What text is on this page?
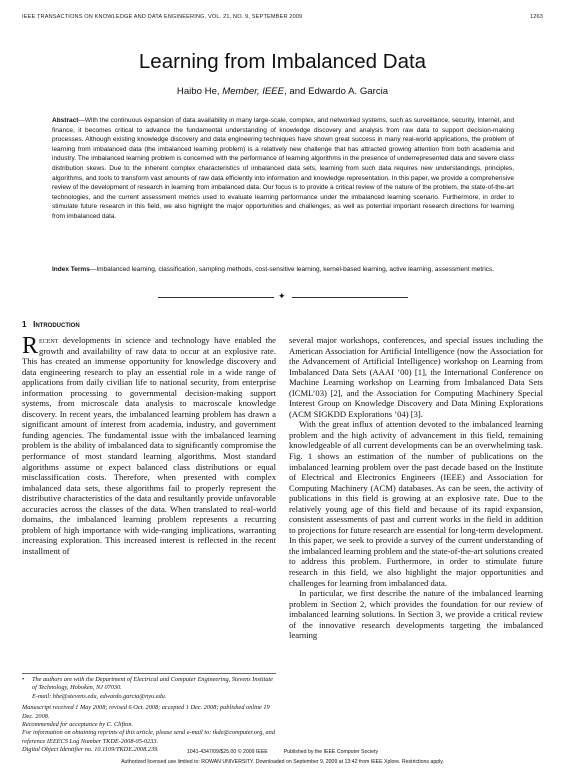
IEEE TRANSACTIONS ON KNOWLEDGE AND DATA ENGINEERING, VOL. 21, NO. 9, SEPTEMBER 2009	1263
Learning from Imbalanced Data
Haibo He, Member, IEEE, and Edwardo A. Garcia
Abstract—With the continuous expansion of data availability in many large-scale, complex, and networked systems, such as surveillance, security, Internet, and finance, it becomes critical to advance the fundamental understanding of knowledge discovery and analysis from raw data to support decision-making processes. Although existing knowledge discovery and data engineering techniques have shown great success in many real-world applications, the problem of learning from imbalanced data (the imbalanced learning problem) is a relatively new challenge that has attracted growing attention from both academia and industry. The imbalanced learning problem is concerned with the performance of learning algorithms in the presence of underrepresented data and severe class distribution skews. Due to the inherent complex characteristics of imbalanced data sets, learning from such data requires new understandings, principles, algorithms, and tools to transform vast amounts of raw data efficiently into information and knowledge representation. In this paper, we provide a comprehensive review of the development of research in learning from imbalanced data. Our focus is to provide a critical review of the nature of the problem, the state-of-the-art technologies, and the current assessment metrics used to evaluate learning performance under the imbalanced learning scenario. Furthermore, in order to stimulate future research in this field, we also highlight the major opportunities and challenges, as well as potential important research directions for learning from imbalanced data.
Index Terms—Imbalanced learning, classification, sampling methods, cost-sensitive learning, kernel-based learning, active learning, assessment metrics.
✦
1 Introduction

Recent developments in science and technology have enabled the growth and availability of raw data to occur at an explosive rate. This has created an immense opportunity for knowledge discovery and data engineering research to play an essential role in a wide range of applications from daily civilian life to national security, from enterprise information processing to governmental decision-making support systems, from microscale data analysis to macroscale knowledge discovery. In recent years, the imbalanced learning problem has drawn a significant amount of interest from academia, industry, and government funding agencies. The fundamental issue with the imbalanced learning problem is the ability of imbalanced data to significantly compromise the performance of most standard learning algorithms. Most standard algorithms assume or expect balanced class distributions or equal misclassification costs. Therefore, when presented with complex imbalanced data sets, these algorithms fail to properly represent the distributive characteristics of the data and resultantly provide unfavorable accuracies across the classes of the data. When translated to real-world domains, the imbalanced learning problem represents a recurring problem of high importance with wide-ranging implications, warranting increasing exploration. This increased interest is reflected in the recent installment of

several major workshops, conferences, and special issues including the American Association for Artificial Intelligence (now the Association for the Advancement of Artificial Intelligence) workshop on Learning from Imbalanced Data Sets (AAAI ’00) [1], the International Conference on Machine Learning workshop on Learning from Imbalanced Data Sets (ICML’03) [2], and the Association for Computing Machinery Special Interest Group on Knowledge Discovery and Data Mining Explorations (ACM SIGKDD Explorations ’04) [3].

With the great influx of attention devoted to the imbalanced learning problem and the high activity of advancement in this field, remaining knowledgeable of all current developments can be an overwhelming task. Fig. 1 shows an estimation of the number of publications on the imbalanced learning problem over the past decade based on the Institute of Electrical and Electronics Engineers (IEEE) and Association for Computing Machinery (ACM) databases. As can be seen, the activity of publications in this field is growing at an explosive rate. Due to the relatively young age of this field and because of its rapid expansion, consistent assessments of past and current works in the field in addition to projections for future research are essential for long-term development. In this paper, we seek to provide a survey of the current understanding of the imbalanced learning problem and the state-of-the-art solutions created to address this problem. Furthermore, in order to stimulate future research in this field, we also highlight the major opportunities and challenges for learning from imbalanced data.

In particular, we first describe the nature of the imbalanced learning problem in Section 2, which provides the foundation for our review of imbalanced learning solutions. In Section 3, we provide a critical review of the innovative research developments targeting the imbalanced learning

• The authors are with the Department of Electrical and Computer Engineering, Stevens Institute of Technology, Hoboken, NJ 07030.
E-mail: hhe@stevens.edu, edwardo.garcia@nyu.edu.
Manuscript received 1 May 2008; revised 6 Oct. 2008; accepted 1 Dec. 2008; published online 19 Dec. 2008.
Recommended for acceptance by C. Clifton.
For information on obtaining reprints of this article, please send e-mail to: tkde@computer.org, and reference IEEECS Log Number TKDE-2008-05-0233.
Digital Object Identifier no. 10.1109/TKDE.2008.239.	1041-4347/09/$25.00 © 2009 IEEE	Published by the IEEE Computer Society
Authorized licensed use limited to: ROWAN UNIVERSITY. Downloaded on September 9, 2009 at 13:42 from IEEE Xplore. Restrictions apply.
